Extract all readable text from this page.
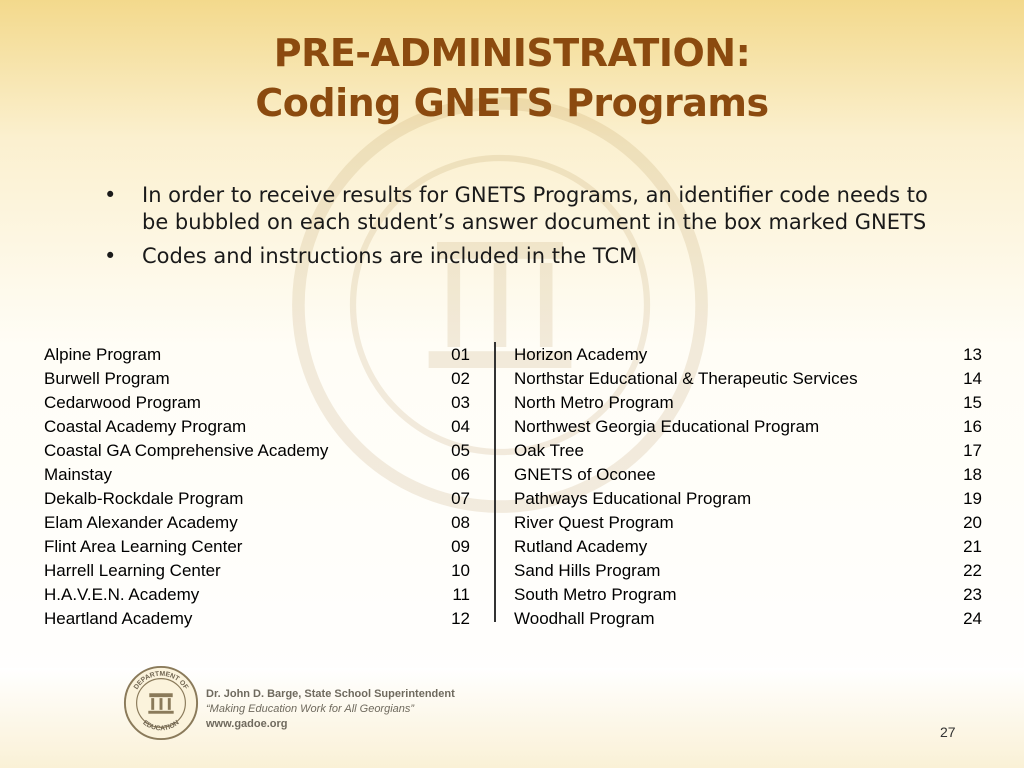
PRE-ADMINISTRATION:
Coding GNETS Programs
• In order to receive results for GNETS Programs, an identifier code needs to be bubbled on each student’s answer document in the box marked GNETS
• Codes and instructions are included in the TCM
Alpine Program	01
Burwell Program	02
Cedarwood Program	03
Coastal Academy Program	04
Coastal GA Comprehensive Academy	05
Mainstay	06
Dekalb-Rockdale Program	07
Elam Alexander Academy	08
Flint Area Learning Center	09
Harrell Learning Center	10
H.A.V.E.N. Academy	11
Heartland Academy	12
Horizon Academy	13
Northstar Educational & Therapeutic Services	14
North Metro Program	15
Northwest Georgia Educational Program	16
Oak Tree	17
GNETS of Oconee	18
Pathways Educational Program	19
River Quest Program	20
Rutland Academy	21
Sand Hills Program	22
South Metro Program	23
Woodhall Program	24
DEPARTMENT OF
EDUCATION
Dr. John D. Barge, State School Superintendent
“Making Education Work for All Georgians”
www.gadoe.org	27
